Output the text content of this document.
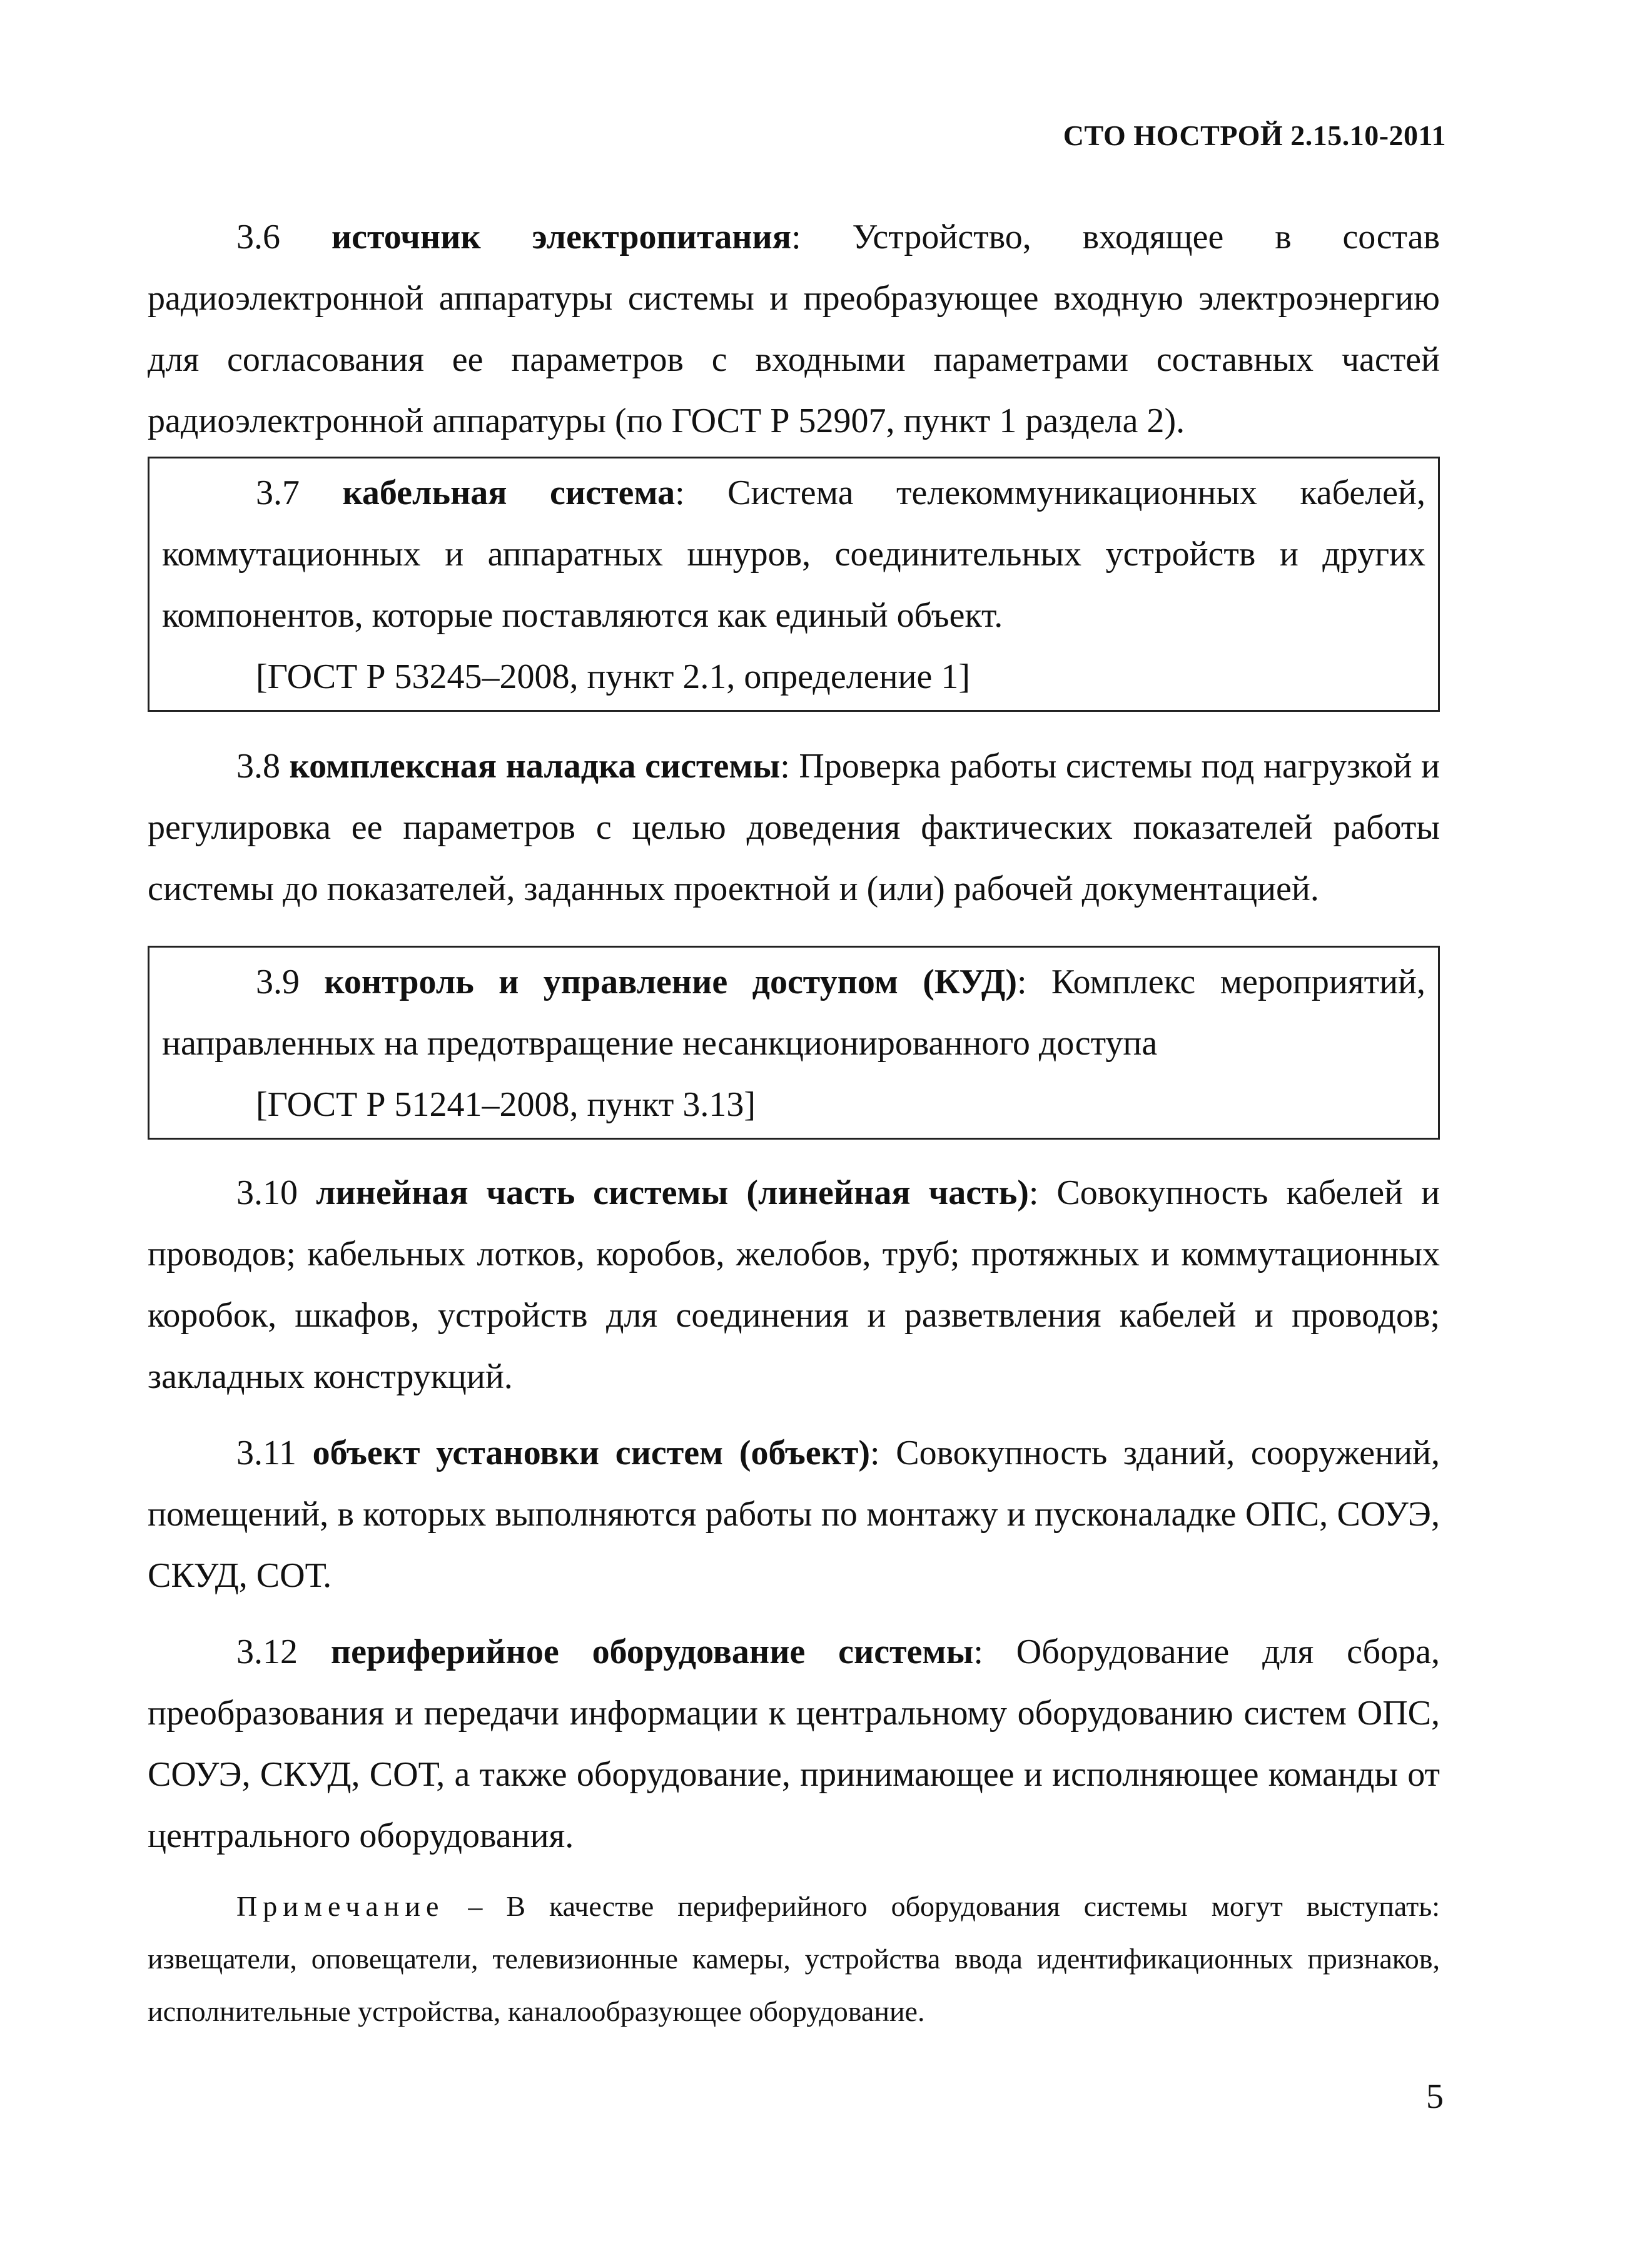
СТО НОСТРОЙ 2.15.10-2011

3.6 источник электропитания: Устройство, входящее в состав радиоэлектронной аппаратуры системы и преобразующее входную электроэнергию для согласования ее параметров с входными параметрами составных частей радиоэлектронной аппаратуры (по ГОСТ Р 52907, пункт 1 раздела 2).

3.7 кабельная система: Система телекоммуникационных кабелей, коммутационных и аппаратных шнуров, соединительных устройств и других компонентов, которые поставляются как единый объект.

[ГОСТ Р 53245–2008, пункт 2.1, определение 1]

3.8 комплексная наладка системы: Проверка работы системы под нагрузкой и регулировка ее параметров с целью доведения фактических показателей работы системы до показателей, заданных проектной и (или) рабочей документацией.

3.9 контроль и управление доступом (КУД): Комплекс мероприятий, направленных на предотвращение несанкционированного доступа

[ГОСТ Р 51241–2008, пункт 3.13]

3.10 линейная часть системы (линейная часть): Совокупность кабелей и проводов; кабельных лотков, коробов, желобов, труб; протяжных и коммутационных коробок, шкафов, устройств для соединения и разветвления кабелей и проводов; закладных конструкций.

3.11 объект установки систем (объект): Совокупность зданий, сооружений, помещений, в которых выполняются работы по монтажу и пусконаладке ОПС, СОУЭ, СКУД, СОТ.

3.12 периферийное оборудование системы: Оборудование для сбора, преобразования и передачи информации к центральному оборудованию систем ОПС, СОУЭ, СКУД, СОТ, а также оборудование, принимающее и исполняющее команды от центрального оборудования.

Примечание – В качестве периферийного оборудования системы могут выступать: извещатели, оповещатели, телевизионные камеры, устройства ввода идентификационных признаков, исполнительные устройства, каналообразующее оборудование.

5
